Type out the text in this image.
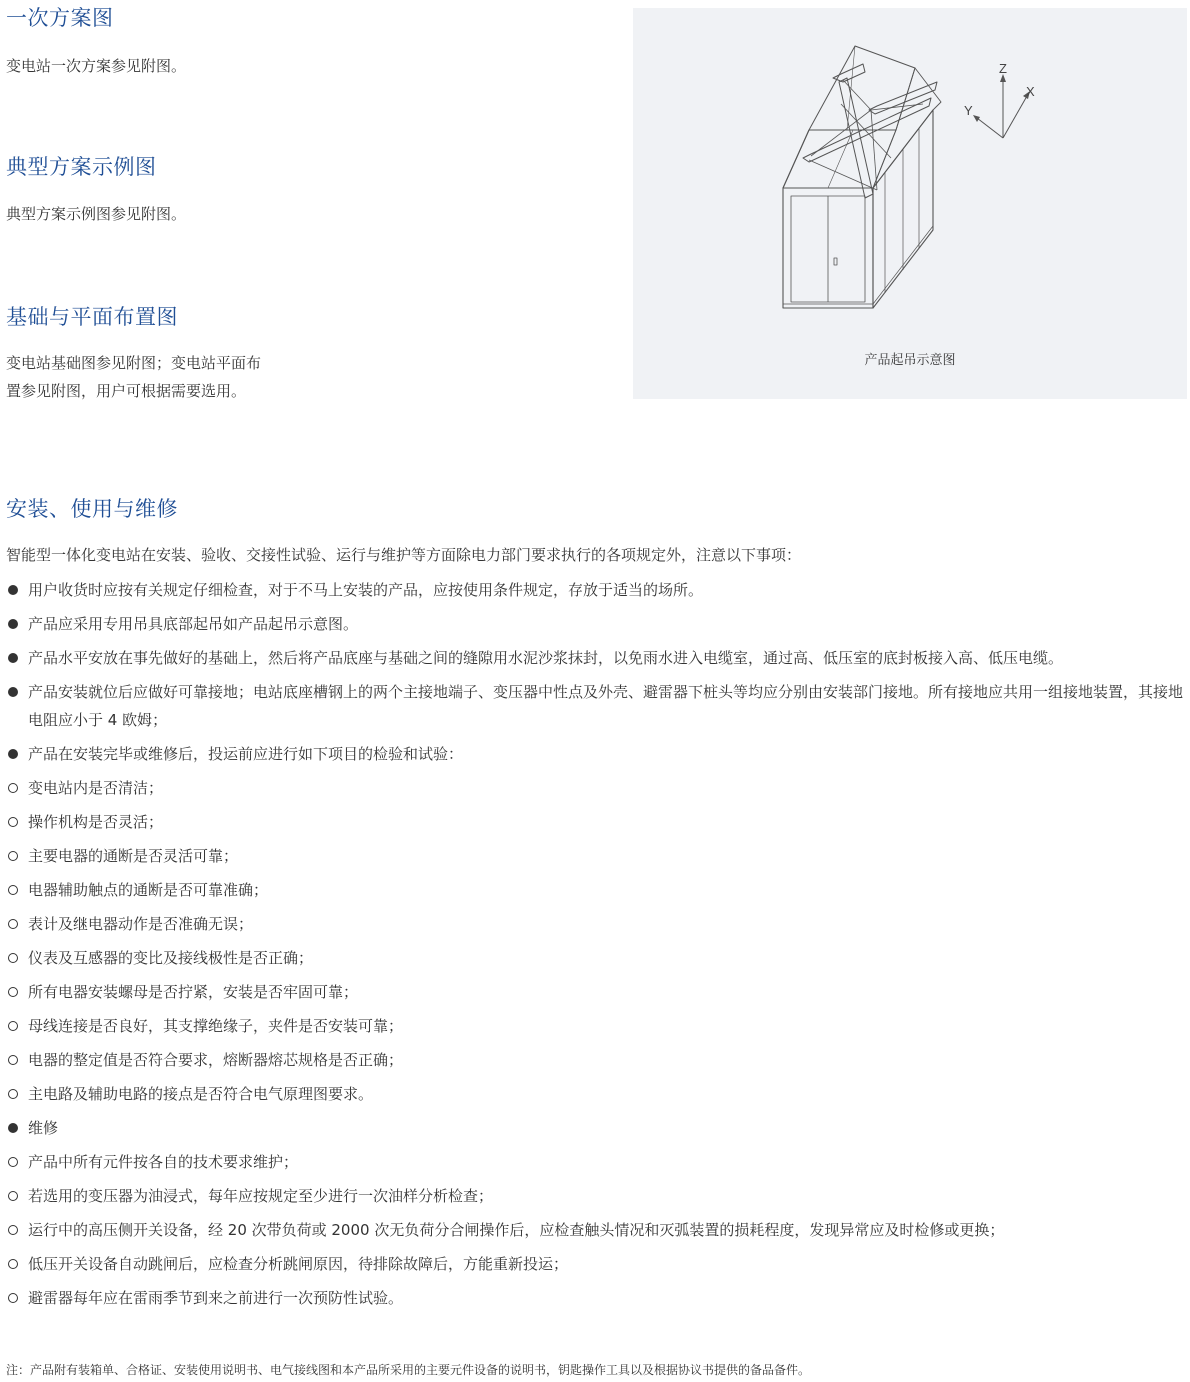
一次方案图

变电站一次方案参见附图。

典型方案示例图

典型方案示例图参见附图。

基础与平面布置图

变电站基础图参见附图；变电站平面布

置参见附图，用户可根据需要选用。

Z
X
Y
产品起吊示意图
安装、使用与维修

智能型一体化变电站在安装、验收、交接性试验、运行与维护等方面除电力部门要求执行的各项规定外，注意以下事项：

用户收货时应按有关规定仔细检查，对于不马上安装的产品，应按使用条件规定，存放于适当的场所。
产品应采用专用吊具底部起吊如产品起吊示意图。
产品水平安放在事先做好的基础上，然后将产品底座与基础之间的缝隙用水泥沙浆抹封，以免雨水进入电缆室，通过高、低压室的底封板接入高、低压电缆。
产品安装就位后应做好可靠接地；电站底座槽钢上的两个主接地端子、变压器中性点及外壳、避雷器下桩头等均应分别由安装部门接地。所有接地应共用一组接地装置，其接地电阻应小于 4 欧姆；
产品在安装完毕或维修后，投运前应进行如下项目的检验和试验：
变电站内是否清洁；
操作机构是否灵活；
主要电器的通断是否灵活可靠；
电器辅助触点的通断是否可靠准确；
表计及继电器动作是否准确无误；
仪表及互感器的变比及接线极性是否正确；
所有电器安装螺母是否拧紧，安装是否牢固可靠；
母线连接是否良好，其支撑绝缘子，夹件是否安装可靠；
电器的整定值是否符合要求，熔断器熔芯规格是否正确；
主电路及辅助电路的接点是否符合电气原理图要求。
维修
产品中所有元件按各自的技术要求维护；
若选用的变压器为油浸式，每年应按规定至少进行一次油样分析检查；
运行中的高压侧开关设备，经 20 次带负荷或 2000 次无负荷分合闸操作后，应检查触头情况和灭弧装置的损耗程度，发现异常应及时检修或更换；
低压开关设备自动跳闸后，应检查分析跳闸原因，待排除故障后，方能重新投运；
避雷器每年应在雷雨季节到来之前进行一次预防性试验。
注：产品附有装箱单、合格证、安装使用说明书、电气接线图和本产品所采用的主要元件设备的说明书，钥匙操作工具以及根据协议书提供的备品备件。
